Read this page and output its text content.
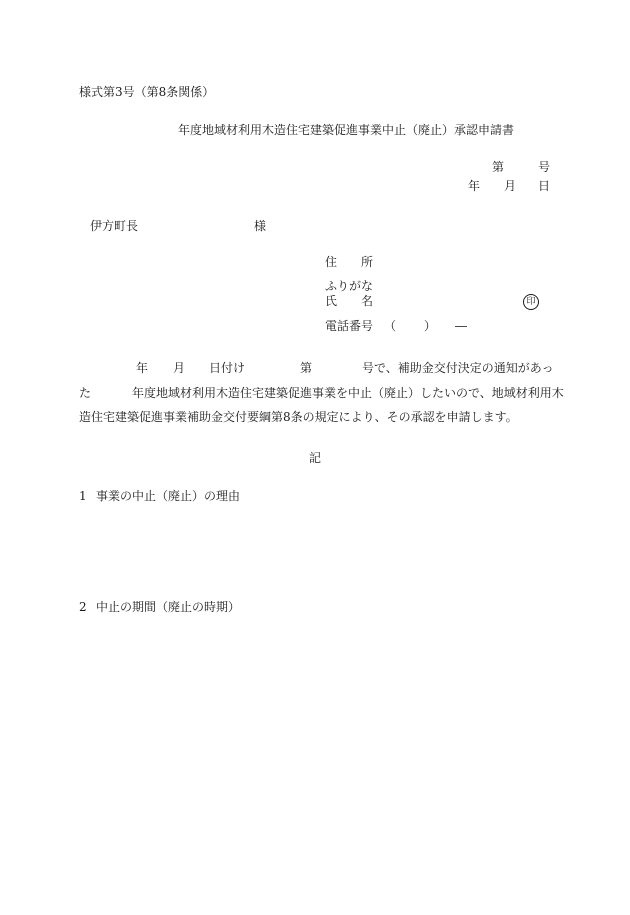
様式第3号（第8条関係）
年度地域材利用木造住宅建築促進事業中止（廃止）承認申請書
第	号
年 月 日
伊方町長	様
住　　所
ふりがな
氏　　名	印
電話番号 （ ） ―
年 月 日付け	第	号で、補助金交付決定の通知があっ
た	年度地域材利用木造住宅建築促進事業を中止（廃止）したいので、地域材利用木
造住宅建築促進事業補助金交付要綱第8条の規定により、その承認を申請します。
記
1 事業の中止（廃止）の理由
2 中止の期間（廃止の時期）
